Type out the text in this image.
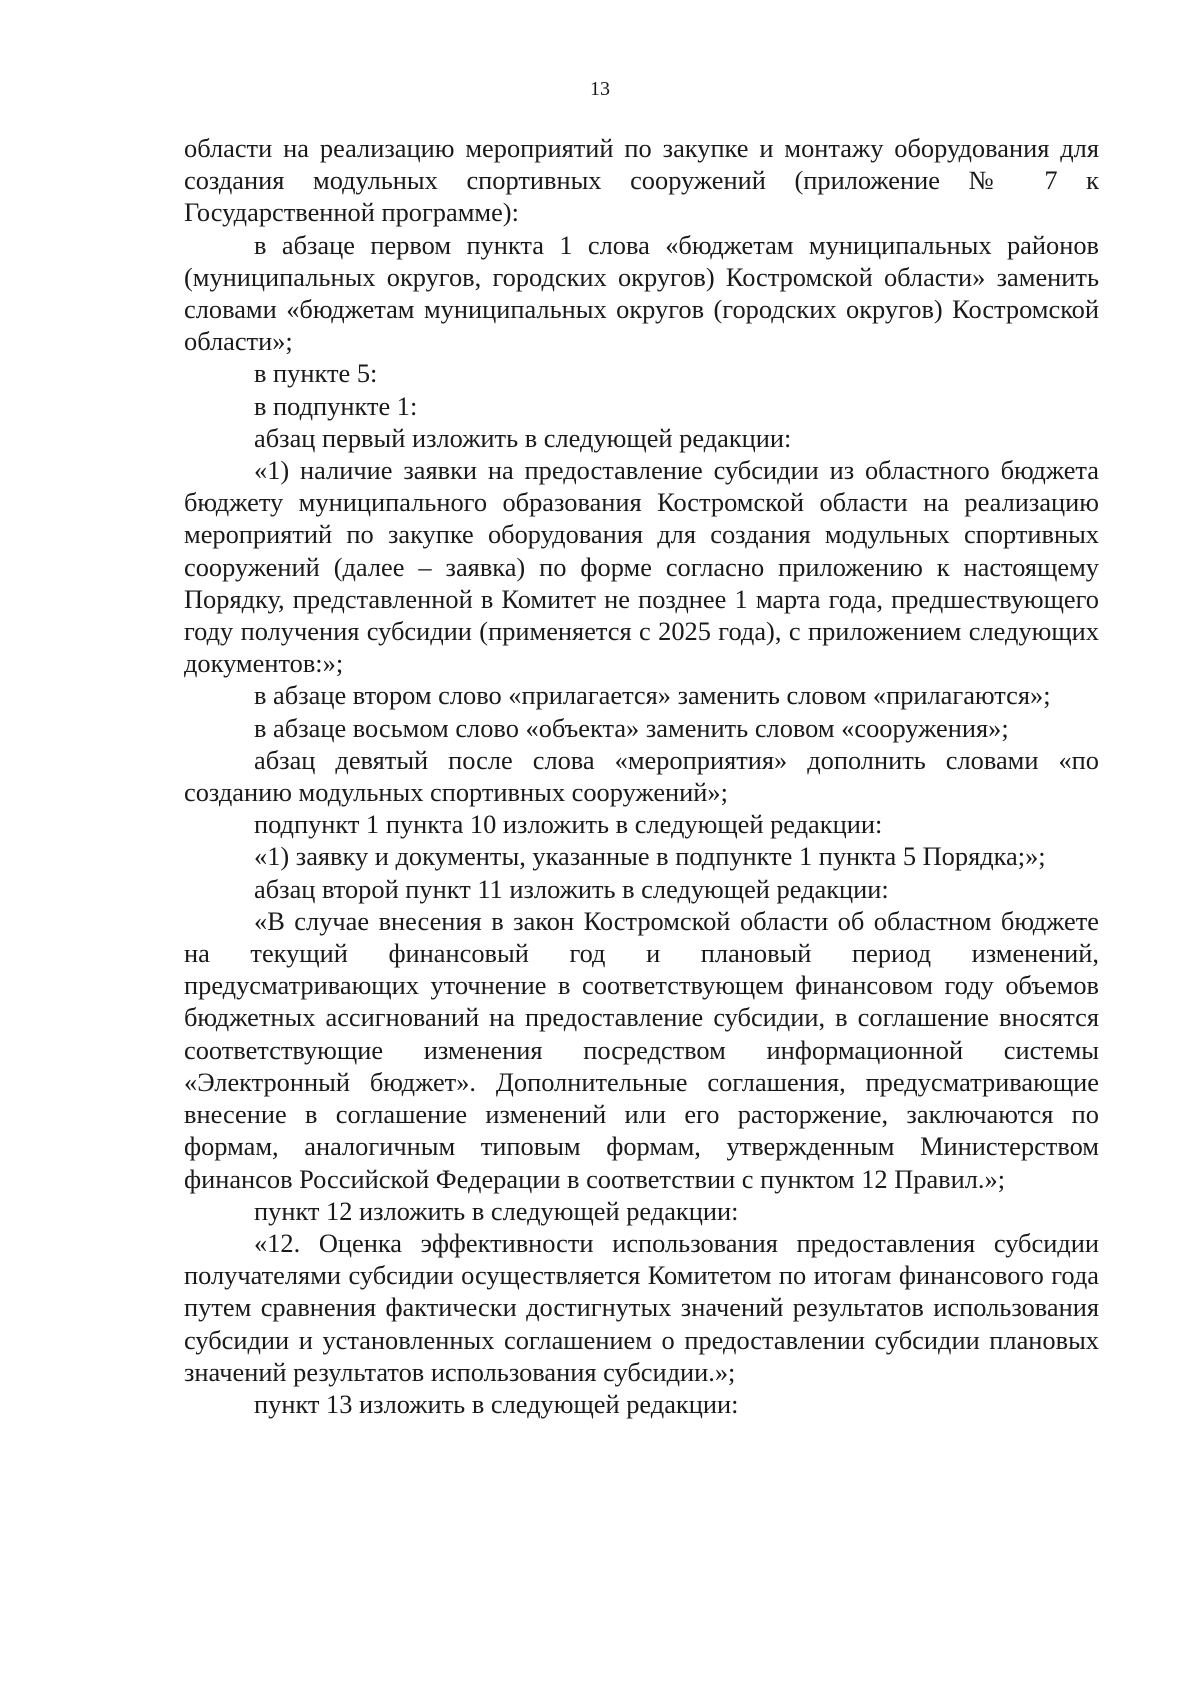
13

области на реализацию мероприятий по закупке и монтажу оборудования для создания модульных спортивных сооружений (приложение № 7 к Государственной программе):

в абзаце первом пункта 1 слова «бюджетам муниципальных районов (муниципальных округов, городских округов) Костромской области» заменить словами «бюджетам муниципальных округов (городских округов) Костромской области»;

в пункте 5:

в подпункте 1:

абзац первый изложить в следующей редакции:

«1) наличие заявки на предоставление субсидии из областного бюджета бюджету муниципального образования Костромской области на реализацию мероприятий по закупке оборудования для создания модульных спортивных сооружений (далее – заявка) по форме согласно приложению к настоящему Порядку, представленной в Комитет не позднее 1 марта года, предшествующего году получения субсидии (применяется с 2025 года), с приложением следующих документов:»;

в абзаце втором слово «прилагается» заменить словом «прилагаются»;

в абзаце восьмом слово «объекта» заменить словом «сооружения»;

абзац девятый после слова «мероприятия» дополнить словами «по созданию модульных спортивных сооружений»;

подпункт 1 пункта 10 изложить в следующей редакции:

«1) заявку и документы, указанные в подпункте 1 пункта 5 Порядка;»;

абзац второй пункт 11 изложить в следующей редакции:

«В случае внесения в закон Костромской области об областном бюджете на текущий финансовый год и плановый период изменений, предусматривающих уточнение в соответствующем финансовом году объемов бюджетных ассигнований на предоставление субсидии, в соглашение вносятся соответствующие изменения посредством информационной системы «Электронный бюджет». Дополнительные соглашения, предусматривающие внесение в соглашение изменений или его расторжение, заключаются по формам, аналогичным типовым формам, утвержденным Министерством финансов Российской Федерации в соответствии с пунктом 12 Правил.»;

пункт 12 изложить в следующей редакции:

«12. Оценка эффективности использования предоставления субсидии получателями субсидии осуществляется Комитетом по итогам финансового года путем сравнения фактически достигнутых значений результатов использования субсидии и установленных соглашением о предоставлении субсидии плановых значений результатов использования субсидии.»;

пункт 13 изложить в следующей редакции:
